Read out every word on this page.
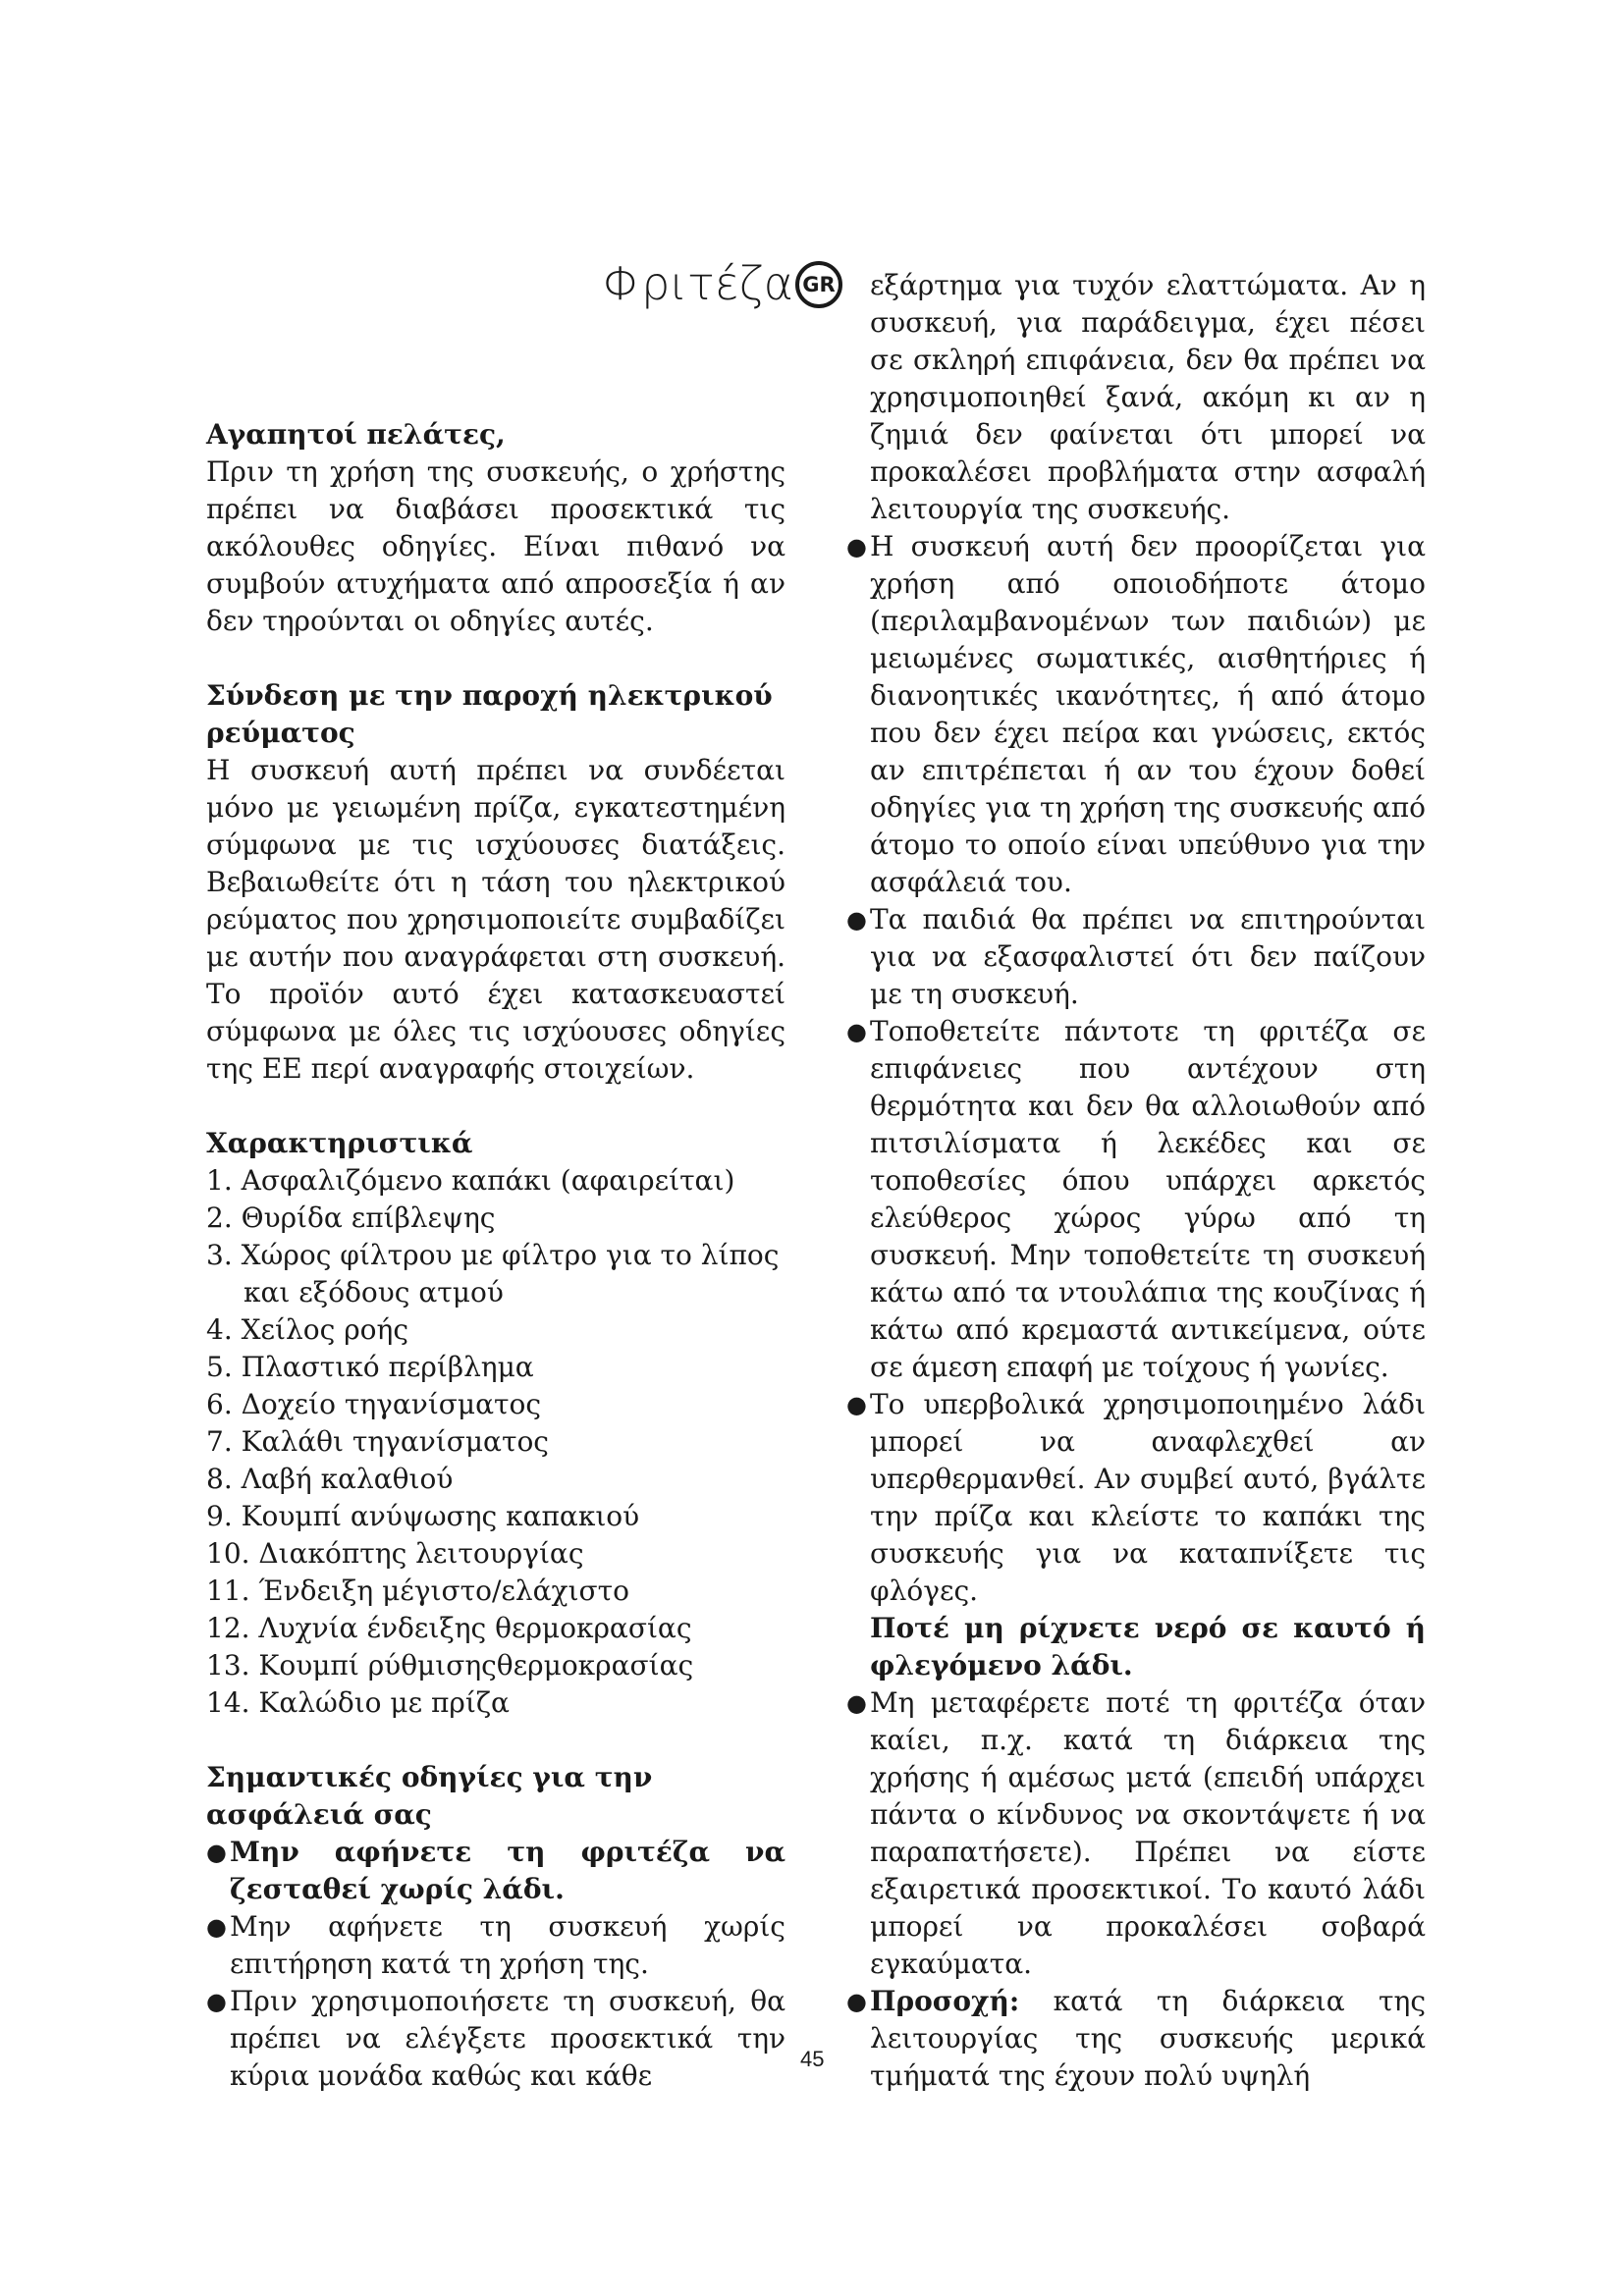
Φριτέζα GR

Αγαπητοί πελάτες,

Πριν τη χρήση της συσκευής, ο χρήστης πρέπει να διαβάσει προσεκτικά τις ακόλουθες οδηγίες. Είναι πιθανό να συμβούν ατυχήματα από απροσεξία ή αν δεν τηρούνται οι οδηγίες αυτές.

Σύνδεση με την παροχή ηλεκτρικού ρεύματος

Η συσκευή αυτή πρέπει να συνδέεται μόνο με γειωμένη πρίζα, εγκατεστημένη σύμφωνα με τις ισχύουσες διατάξεις. Βεβαιωθείτε ότι η τάση του ηλεκτρικού ρεύματος που χρησιμοποιείτε συμβαδίζει με αυτήν που αναγράφεται στη συσκευή. Το προϊόν αυτό έχει κατασκευαστεί σύμφωνα με όλες τις ισχύουσες οδηγίες της ΕΕ περί αναγραφής στοιχείων.

Χαρακτηριστικά

1. Ασφαλιζόμενο καπάκι (αφαιρείται)
2. Θυρίδα επίβλεψης
3. Χώρος φίλτρου με φίλτρο για το λίπος
και εξόδους ατμού
4. Χείλος ροής
5. Πλαστικό περίβλημα
6. Δοχείο τηγανίσματος
7. Καλάθι τηγανίσματος
8. Λαβή καλαθιού
9. Κουμπί ανύψωσης καπακιού
10. Διακόπτης λειτουργίας
11. Ένδειξη μέγιστο/ελάχιστο
12. Λυχνία ένδειξης θερμοκρασίας
13. Κουμπί ρύθμισηςθερμοκρασίας
14. Καλώδιο με πρίζα

Σημαντικές οδηγίες για την ασφάλειά σας

● Μην αφήνετε τη φριτέζα να ζεσταθεί χωρίς λάδι.
● Μην αφήνετε τη συσκευή χωρίς επιτήρηση κατά τη χρήση της.
● Πριν χρησιμοποιήσετε τη συσκευή, θα πρέπει να ελέγξετε προσεκτικά την κύρια μονάδα καθώς και κάθε
εξάρτημα για τυχόν ελαττώματα. Αν η συσκευή, για παράδειγμα, έχει πέσει σε σκληρή επιφάνεια, δεν θα πρέπει να χρησιμοποιηθεί ξανά, ακόμη κι αν η ζημιά δεν φαίνεται ότι μπορεί να προκαλέσει προβλήματα στην ασφαλή λειτουργία της συσκευής.
● Η συσκευή αυτή δεν προορίζεται για χρήση από οποιοδήποτε άτομο (περιλαμβανομένων των παιδιών) με μειωμένες σωματικές, αισθητήριες ή διανοητικές ικανότητες, ή από άτομο που δεν έχει πείρα και γνώσεις, εκτός αν επιτρέπεται ή αν του έχουν δοθεί οδηγίες για τη χρήση της συσκευής από άτομο το οποίο είναι υπεύθυνο για την ασφάλειά του.
● Τα παιδιά θα πρέπει να επιτηρούνται για να εξασφαλιστεί ότι δεν παίζουν με τη συσκευή.
● Τοποθετείτε πάντοτε τη φριτέζα σε επιφάνειες που αντέχουν στη θερμότητα και δεν θα αλλοιωθούν από πιτσιλίσματα ή λεκέδες και σε τοποθεσίες όπου υπάρχει αρκετός ελεύθερος χώρος γύρω από τη συσκευή. Μην τοποθετείτε τη συσκευή κάτω από τα ντουλάπια της κουζίνας ή κάτω από κρεμαστά αντικείμενα, ούτε σε άμεση επαφή με τοίχους ή γωνίες.
● Το υπερβολικά χρησιμοποιημένο λάδι μπορεί να αναφλεχθεί αν υπερθερμανθεί. Αν συμβεί αυτό, βγάλτε την πρίζα και κλείστε το καπάκι της συσκευής για να καταπνίξετε τις φλόγες.
Ποτέ μη ρίχνετε νερό σε καυτό ή φλεγόμενο λάδι.
● Μη μεταφέρετε ποτέ τη φριτέζα όταν καίει, π.χ. κατά τη διάρκεια της χρήσης ή αμέσως μετά (επειδή υπάρχει πάντα ο κίνδυνος να σκοντάψετε ή να παραπατήσετε). Πρέπει να είστε εξαιρετικά προσεκτικοί. Το καυτό λάδι μπορεί να προκαλέσει σοβαρά εγκαύματα.
● Προσοχή: κατά τη διάρκεια της λειτουργίας της συσκευής μερικά τμήματά της έχουν πολύ υψηλή
45
